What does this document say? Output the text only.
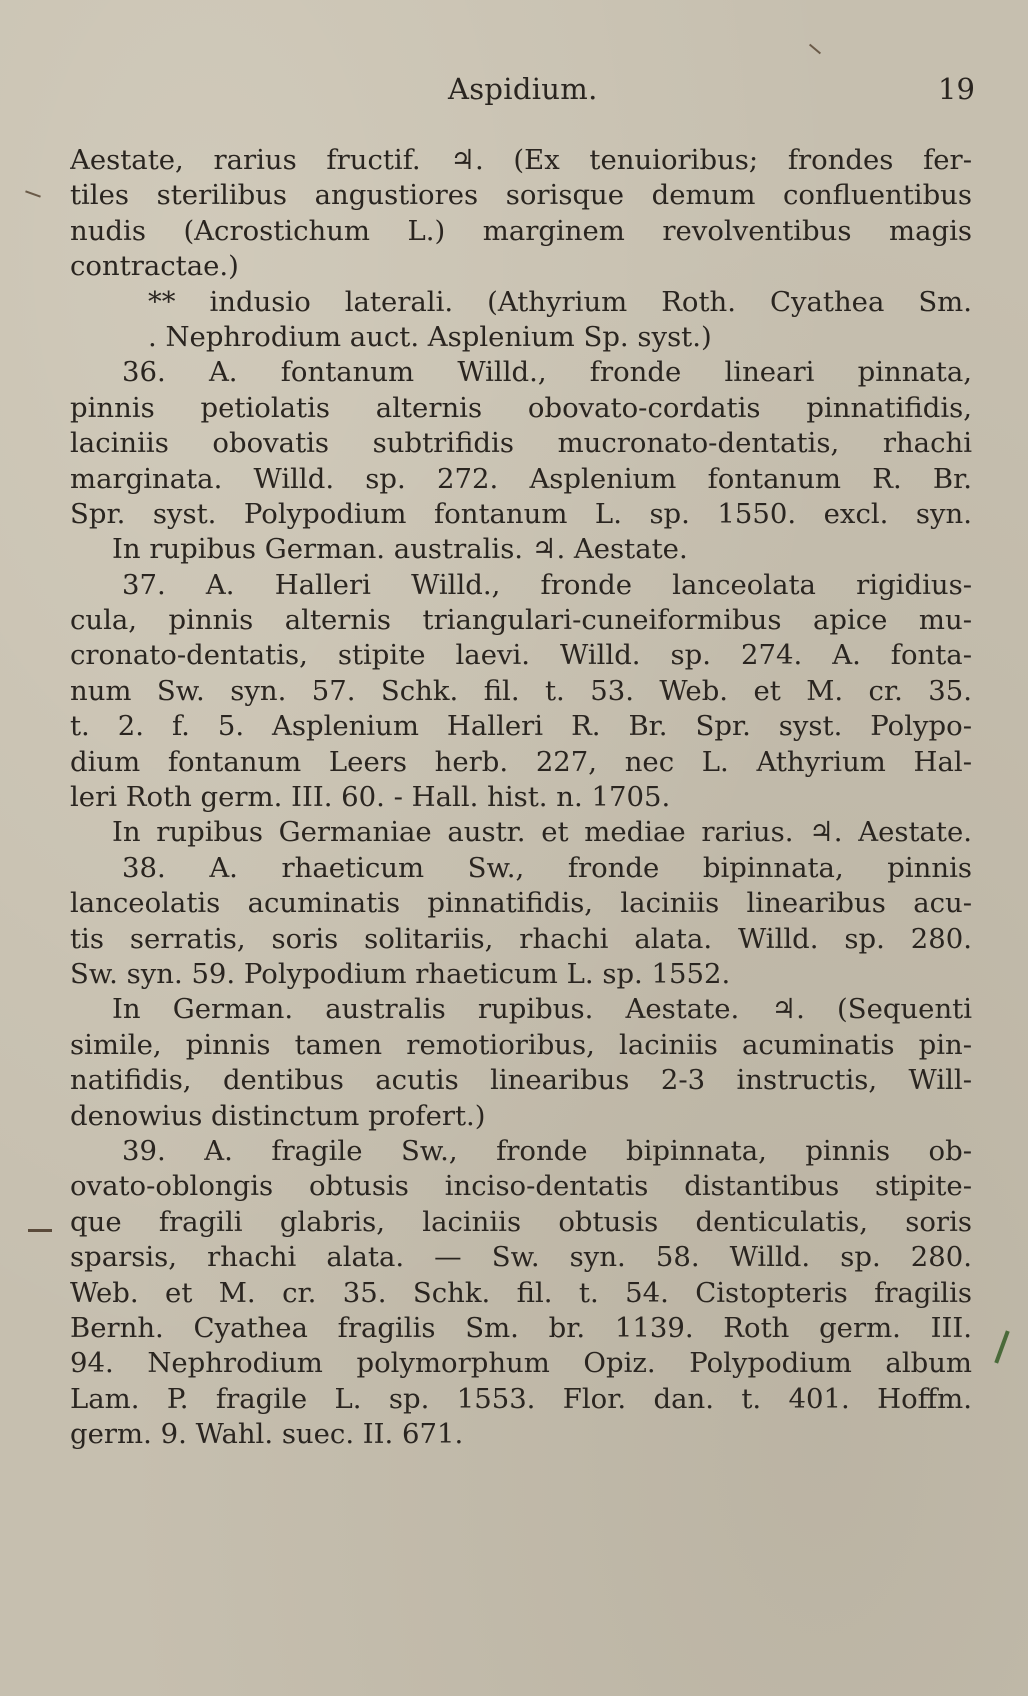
Aspidium.	19
Aestate, rarius fructif. ♃. (Ex tenuioribus; frondes fer-
tiles sterilibus angustiores sorisque demum confluentibus
nudis (Acrostichum L.) marginem revolventibus magis
contractae.)
** indusio laterali. (Athyrium Roth. Cyathea Sm.
. Nephrodium auct. Asplenium Sp. syst.)
36. A. fontanum Willd., fronde lineari pinnata,
pinnis petiolatis alternis obovato-cordatis pinnatifidis,
laciniis obovatis subtrifidis mucronato-dentatis, rhachi
marginata. Willd. sp. 272. Asplenium fontanum R. Br.
Spr. syst. Polypodium fontanum L. sp. 1550. excl. syn.
In rupibus German. australis. ♃. Aestate.
37. A. Halleri Willd., fronde lanceolata rigidius-
cula, pinnis alternis triangulari-cuneiformibus apice mu-
cronato-dentatis, stipite laevi. Willd. sp. 274. A. fonta-
num Sw. syn. 57. Schk. fil. t. 53. Web. et M. cr. 35.
t. 2. f. 5. Asplenium Halleri R. Br. Spr. syst. Polypo-
dium fontanum Leers herb. 227, nec L. Athyrium Hal-
leri Roth germ. III. 60. - Hall. hist. n. 1705.
In rupibus Germaniae austr. et mediae rarius. ♃. Aestate.
38. A. rhaeticum Sw., fronde bipinnata, pinnis
lanceolatis acuminatis pinnatifidis, laciniis linearibus acu-
tis serratis, soris solitariis, rhachi alata. Willd. sp. 280.
Sw. syn. 59. Polypodium rhaeticum L. sp. 1552.
In German. australis rupibus. Aestate. ♃. (Sequenti
simile, pinnis tamen remotioribus, laciniis acuminatis pin-
natifidis, dentibus acutis linearibus 2-3 instructis, Will-
denowius distinctum profert.)
39. A. fragile Sw., fronde bipinnata, pinnis ob-
ovato-oblongis obtusis inciso-dentatis distantibus stipite-
que fragili glabris, laciniis obtusis denticulatis, soris
sparsis, rhachi alata. — Sw. syn. 58. Willd. sp. 280.
Web. et M. cr. 35. Schk. fil. t. 54. Cistopteris fragilis
Bernh. Cyathea fragilis Sm. br. 1139. Roth germ. III.
94. Nephrodium polymorphum Opiz. Polypodium album
Lam. P. fragile L. sp. 1553. Flor. dan. t. 401. Hoffm.
germ. 9. Wahl. suec. II. 671.
